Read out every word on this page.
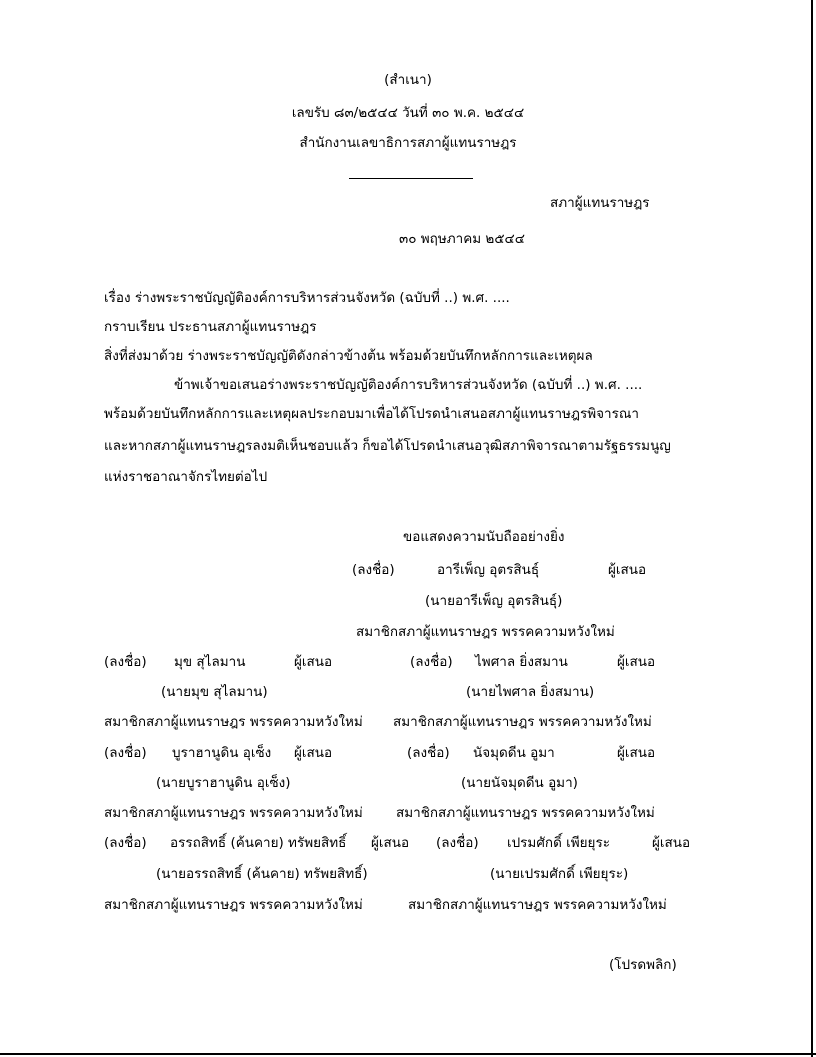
(สำเนา)
เลขรับ ๘๓/๒๕๔๔ วันที่ ๓๐ พ.ค. ๒๕๔๔
สำนักงานเลขาธิการสภาผู้แทนราษฎร
สภาผู้แทนราษฎร
๓๐ พฤษภาคม ๒๕๔๔
เรื่อง ร่างพระราชบัญญัติองค์การบริหารส่วนจังหวัด (ฉบับที่ ..) พ.ศ. ....
กราบเรียน ประธานสภาผู้แทนราษฎร
สิ่งที่ส่งมาด้วย ร่างพระราชบัญญัติดังกล่าวข้างต้น พร้อมด้วยบันทึกหลักการและเหตุผล
ข้าพเจ้าขอเสนอร่างพระราชบัญญัติองค์การบริหารส่วนจังหวัด (ฉบับที่ ..) พ.ศ. ....
พร้อมด้วยบันทึกหลักการและเหตุผลประกอบมาเพื่อได้โปรดนำเสนอสภาผู้แทนราษฎรพิจารณา
และหากสภาผู้แทนราษฎรลงมติเห็นชอบแล้ว ก็ขอได้โปรดนำเสนอวุฒิสภาพิจารณาตามรัฐธรรมนูญ
แห่งราชอาณาจักรไทยต่อไป
ขอแสดงความนับถืออย่างยิ่ง
(ลงชื่อ)	อารีเพ็ญ อุตรสินธุ์	ผู้เสนอ
(นายอารีเพ็ญ อุตรสินธุ์)
สมาชิกสภาผู้แทนราษฎร พรรคความหวังใหม่
(ลงชื่อ) มุข สุไลมาน	ผู้เสนอ	(ลงชื่อ) ไพศาล ยิ่งสมาน	ผู้เสนอ
(นายมุข สุไลมาน)	(นายไพศาล ยิ่งสมาน)
สมาชิกสภาผู้แทนราษฎร พรรคความหวังใหม่ สมาชิกสภาผู้แทนราษฎร พรรคความหวังใหม่
(ลงชื่อ) บูราฮานูดิน อุเซ็ง ผู้เสนอ	(ลงชื่อ) นัจมุดดีน อูมา	ผู้เสนอ
(นายบูราฮานูดิน อุเซ็ง)	(นายนัจมุดดีน อูมา)
สมาชิกสภาผู้แทนราษฎร พรรคความหวังใหม่ สมาชิกสภาผู้แทนราษฎร พรรคความหวังใหม่
(ลงชื่อ) อรรถสิทธิ์ (ค้นคาย) ทรัพยสิทธิ์ ผู้เสนอ (ลงชื่อ) เปรมศักดิ์ เพียยุระ	ผู้เสนอ
(นายอรรถสิทธิ์ (ค้นคาย) ทรัพยสิทธิ์)	(นายเปรมศักดิ์ เพียยุระ)
สมาชิกสภาผู้แทนราษฎร พรรคความหวังใหม่	สมาชิกสภาผู้แทนราษฎร พรรคความหวังใหม่
(โปรดพลิก)
